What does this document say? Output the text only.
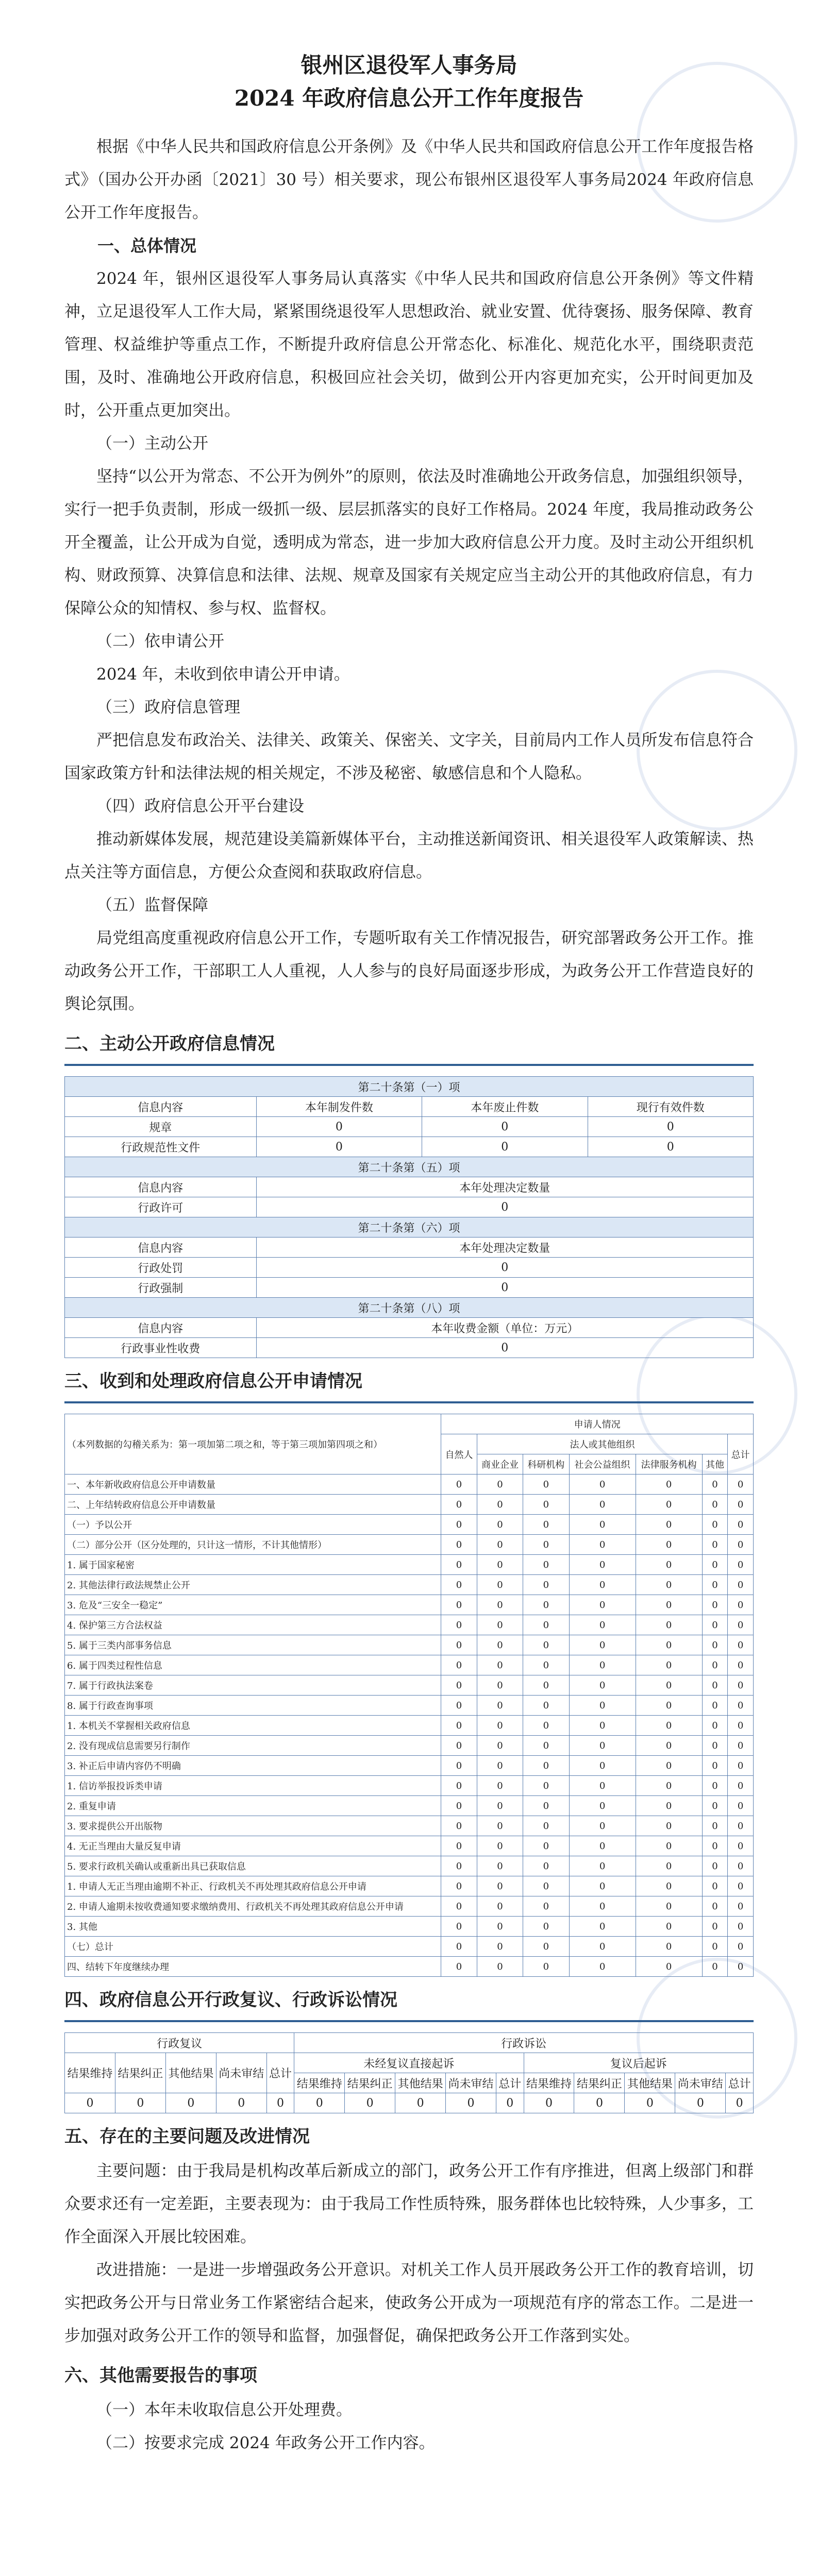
银州区退役军人事务局
2024 年政府信息公开工作年度报告

根据《中华人民共和国政府信息公开条例》及《中华人民共和国政府信息公开工作年度报告格式》（国办公开办函〔2021〕30 号）相关要求，现公布银州区退役军人事务局2024 年政府信息公开工作年度报告。

一、总体情况

2024 年，银州区退役军人事务局认真落实《中华人民共和国政府信息公开条例》等文件精神，立足退役军人工作大局，紧紧围绕退役军人思想政治、就业安置、优待褒扬、服务保障、教育管理、权益维护等重点工作，不断提升政府信息公开常态化、标准化、规范化水平，围绕职责范围，及时、准确地公开政府信息，积极回应社会关切，做到公开内容更加充实，公开时间更加及时，公开重点更加突出。

（一）主动公开

坚持“以公开为常态、不公开为例外”的原则，依法及时准确地公开政务信息，加强组织领导，实行一把手负责制，形成一级抓一级、层层抓落实的良好工作格局。2024 年度，我局推动政务公开全覆盖，让公开成为自觉，透明成为常态，进一步加大政府信息公开力度。及时主动公开组织机构、财政预算、决算信息和法律、法规、规章及国家有关规定应当主动公开的其他政府信息，有力保障公众的知情权、参与权、监督权。

（二）依申请公开

2024 年，未收到依申请公开申请。

（三）政府信息管理

严把信息发布政治关、法律关、政策关、保密关、文字关，目前局内工作人员所发布信息符合国家政策方针和法律法规的相关规定，不涉及秘密、敏感信息和个人隐私。

（四）政府信息公开平台建设

推动新媒体发展，规范建设美篇新媒体平台，主动推送新闻资讯、相关退役军人政策解读、热点关注等方面信息，方便公众查阅和获取政府信息。

（五）监督保障

局党组高度重视政府信息公开工作，专题听取有关工作情况报告，研究部署政务公开工作。推动政务公开工作，干部职工人人重视，人人参与的良好局面逐步形成，为政务公开工作营造良好的舆论氛围。

二、主动公开政府信息情况
第二十条第（一）项			
信息内容	本年制发件数	本年废止件数	现行有效件数
规章	0	0	0
行政规范性文件	0	0	0
第二十条第（五）项			
信息内容	本年处理决定数量		
行政许可	0		
第二十条第（六）项			
信息内容	本年处理决定数量		
行政处罚	0		
行政强制	0		
第二十条第（八）项			
信息内容	本年收费金额（单位：万元）		
行政事业性收费	0		
三、收到和处理政府信息公开申请情况
（本列数据的勾稽关系为：第一项加第二项之和，等于第三项加第四项之和）	申请人情况						
	自然人	法人或其他组织					总计
		商业企业	科研机构	社会公益组织	法律服务机构	其他	
一、本年新收政府信息公开申请数量	0	0	0	0	0	0	0
二、上年结转政府信息公开申请数量	0	0	0	0	0	0	0
（一）予以公开	0	0	0	0	0	0	0
（二）部分公开（区分处理的，只计这一情形，不计其他情形）	0	0	0	0	0	0	0
1. 属于国家秘密	0	0	0	0	0	0	0
2. 其他法律行政法规禁止公开	0	0	0	0	0	0	0
3. 危及“三安全一稳定”	0	0	0	0	0	0	0
4. 保护第三方合法权益	0	0	0	0	0	0	0
5. 属于三类内部事务信息	0	0	0	0	0	0	0
6. 属于四类过程性信息	0	0	0	0	0	0	0
7. 属于行政执法案卷	0	0	0	0	0	0	0
8. 属于行政查询事项	0	0	0	0	0	0	0
1. 本机关不掌握相关政府信息	0	0	0	0	0	0	0
2. 没有现成信息需要另行制作	0	0	0	0	0	0	0
3. 补正后申请内容仍不明确	0	0	0	0	0	0	0
1. 信访举报投诉类申请	0	0	0	0	0	0	0
2. 重复申请	0	0	0	0	0	0	0
3. 要求提供公开出版物	0	0	0	0	0	0	0
4. 无正当理由大量反复申请	0	0	0	0	0	0	0
5. 要求行政机关确认或重新出具已获取信息	0	0	0	0	0	0	0
1. 申请人无正当理由逾期不补正、行政机关不再处理其政府信息公开申请	0	0	0	0	0	0	0
2. 申请人逾期未按收费通知要求缴纳费用、行政机关不再处理其政府信息公开申请	0	0	0	0	0	0	0
3. 其他	0	0	0	0	0	0	0
（七）总计	0	0	0	0	0	0	0
四、结转下年度继续办理	0	0	0	0	0	0	0
四、政府信息公开行政复议、行政诉讼情况
行政复议					行政诉讼									
结果维持	结果纠正	其他结果	尚未审结	总计	未经复议直接起诉					复议后起诉				
					结果维持	结果纠正	其他结果	尚未审结	总计	结果维持	结果纠正	其他结果	尚未审结	总计
0	0	0	0	0	0	0	0	0	0	0	0	0	0	0
五、存在的主要问题及改进情况

主要问题：由于我局是机构改革后新成立的部门，政务公开工作有序推进，但离上级部门和群众要求还有一定差距，主要表现为：由于我局工作性质特殊，服务群体也比较特殊，人少事多，工作全面深入开展比较困难。

改进措施：一是进一步增强政务公开意识。对机关工作人员开展政务公开工作的教育培训，切实把政务公开与日常业务工作紧密结合起来，使政务公开成为一项规范有序的常态工作。二是进一步加强对政务公开工作的领导和监督，加强督促，确保把政务公开工作落到实处。

六、其他需要报告的事项

（一）本年未收取信息公开处理费。

（二）按要求完成 2024 年政务公开工作内容。
